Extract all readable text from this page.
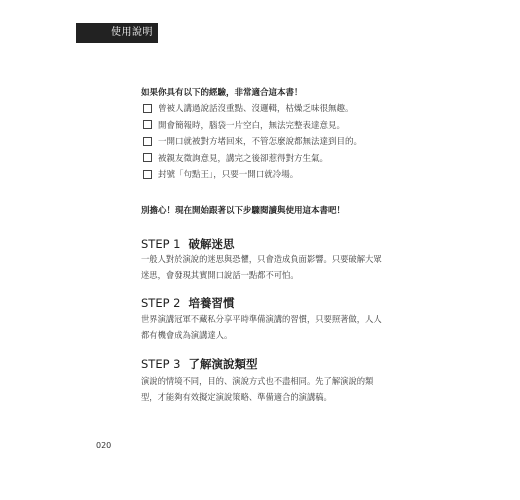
使用說明
如果你具有以下的經驗，非常適合這本書！
曾被人講過說話沒重點、沒邏輯，枯燥乏味很無趣。
開會簡報時，腦袋一片空白，無法完整表達意見。
一開口就被對方堵回來，不管怎麼說都無法達到目的。
被親友徵詢意見，講完之後卻惹得對方生氣。
封號「句點王」，只要一開口就冷場。
別擔心！現在開始跟著以下步驟閱讀與使用這本書吧！
STEP 1 破解迷思

一般人對於演說的迷思與恐懼，只會造成負面影響。只要破解大眾迷思，會發現其實開口說話一點都不可怕。

STEP 2 培養習慣

世界演講冠軍不藏私分享平時準備演講的習慣，只要照著做，人人都有機會成為演講達人。

STEP 3 了解演說類型

演說的情境不同，目的、演說方式也不盡相同。先了解演說的類型，才能夠有效擬定演說策略、準備適合的演講稿。

020
